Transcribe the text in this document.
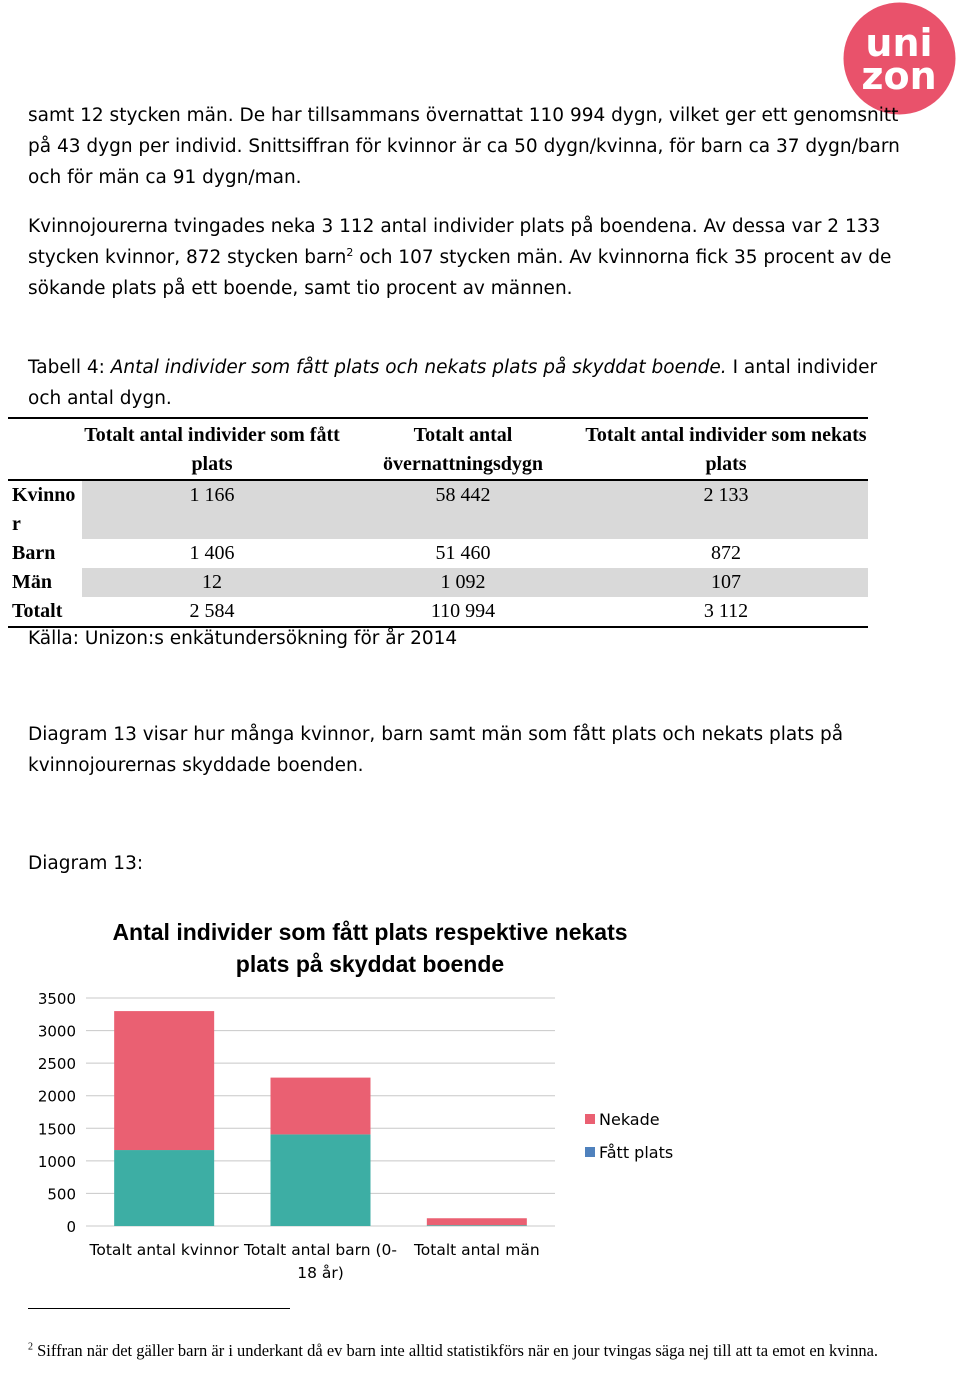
uni
zon

samt 12 stycken män. De har tillsammans övernattat 110 994 dygn, vilket ger ett genomsnitt på 43 dygn per individ. Snittsiffran för kvinnor är ca 50 dygn/kvinna, för barn ca 37 dygn/barn och för män ca 91 dygn/man.

Kvinnojourerna tvingades neka 3 112 antal individer plats på boendena. Av dessa var 2 133 stycken kvinnor, 872 stycken barn$^2$ och 107 stycken män. Av kvinnorna fick 35 procent av de sökande plats på ett boende, samt tio procent av männen.

Tabell 4: Antal individer som fått plats och nekats plats på skyddat boende. I antal individer och antal dygn.

	Totalt antal individer som fått plats	Totalt antal övernattningsdygn	Totalt antal individer som nekats plats
Kvinnor	1 166	58 442	2 133
Barn	1 406	51 460	872
Män	12	1 092	107
Totalt	2 584	110 994	3 112

Källa: Unizon:s enkätundersökning för år 2014

Diagram 13 visar hur många kvinnor, barn samt män som fått plats och nekats plats på kvinnojourernas skyddade boenden.

Diagram 13:

Antal individer som fått plats respektive nekats plats på skyddat boende
0
500
1000
1500
2000
2500
3000
3500
Totalt antal kvinnor Totalt antal barn (0-
18 år)
Totalt antal män
Nekade
Fått plats
$^2$ Siffran när det gäller barn är i underkant då ev barn inte alltid statistikförs när en jour tvingas säga nej till att ta emot en kvinna.
